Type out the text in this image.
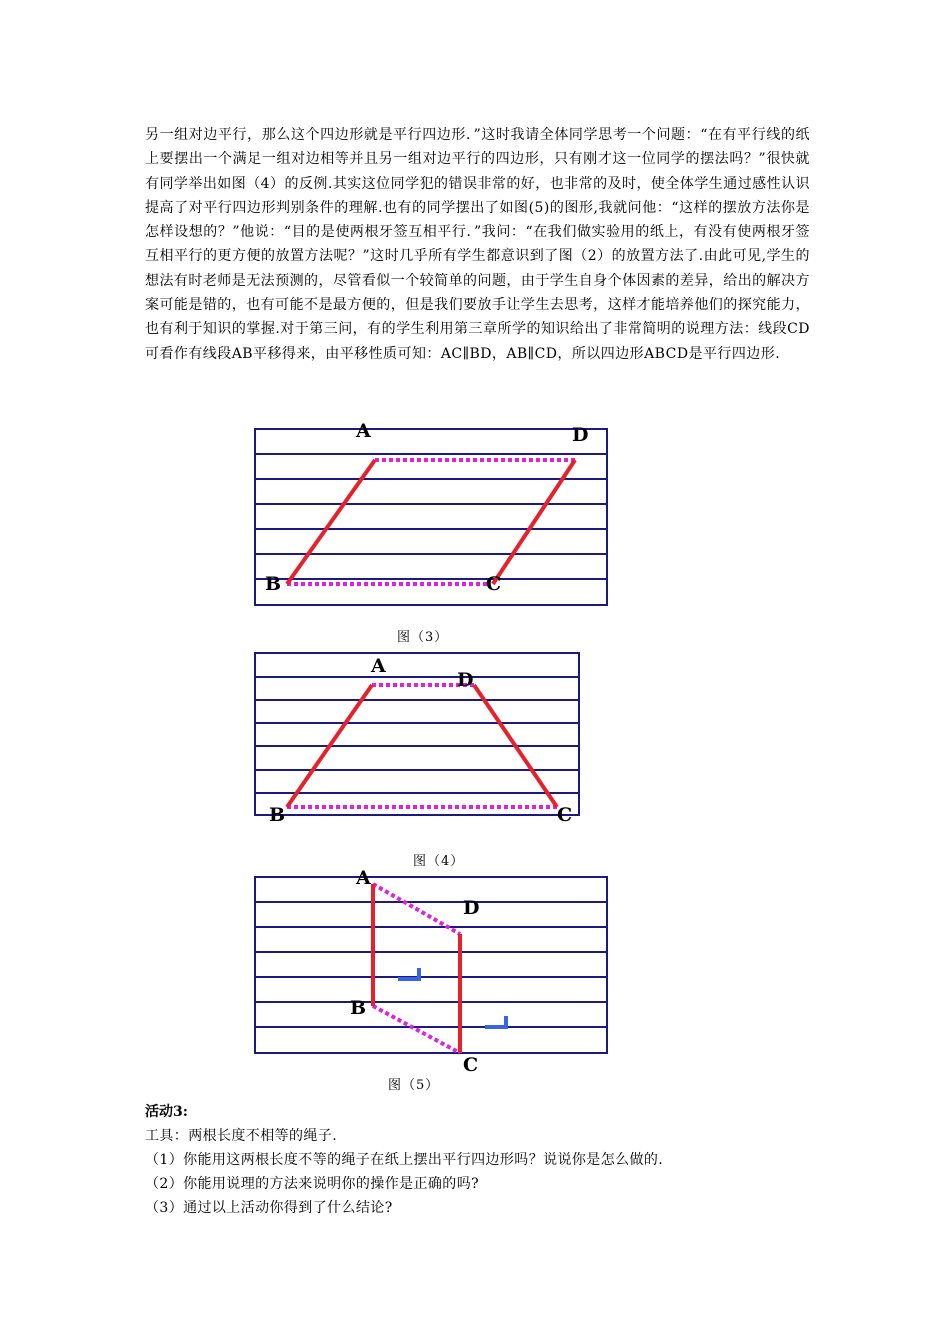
另一组对边平行，那么这个四边形就是平行四边形．”这时我请全体同学思考一个问题：“在有平行线的纸上要摆出一个满足一组对边相等并且另一组对边平行的四边形，只有刚才这一位同学的摆法吗？”很快就有同学举出如图（4）的反例.其实这位同学犯的错误非常的好，也非常的及时，使全体学生通过感性认识提高了对平行四边形判别条件的理解.也有的同学摆出了如图(5)的图形,我就问他：“这样的摆放方法你是怎样设想的？”他说：“目的是使两根牙签互相平行．”我问：“在我们做实验用的纸上，有没有使两根牙签互相平行的更方便的放置方法呢？”这时几乎所有学生都意识到了图（2）的放置方法了.由此可见,学生的想法有时老师是无法预测的，尽管看似一个较简单的问题，由于学生自身个体因素的差异，给出的解决方案可能是错的，也有可能不是最方便的，但是我们要放手让学生去思考，这样才能培养他们的探究能力，也有利于知识的掌握.对于第三问，有的学生利用第三章所学的知识给出了非常简明的说理方法：线段CD可看作有线段AB平移得来，由平移性质可知：AC∥BD，AB∥CD，所以四边形ABCD是平行四边形.

A	D
B	C
图（3）
A
D
B	C
图（4）
A
D
B
C
图（5）
活动3:
工具：两根长度不相等的绳子.
（1）你能用这两根长度不等的绳子在纸上摆出平行四边形吗？说说你是怎么做的.
（2）你能用说理的方法来说明你的操作是正确的吗?
（3）通过以上活动你得到了什么结论?
